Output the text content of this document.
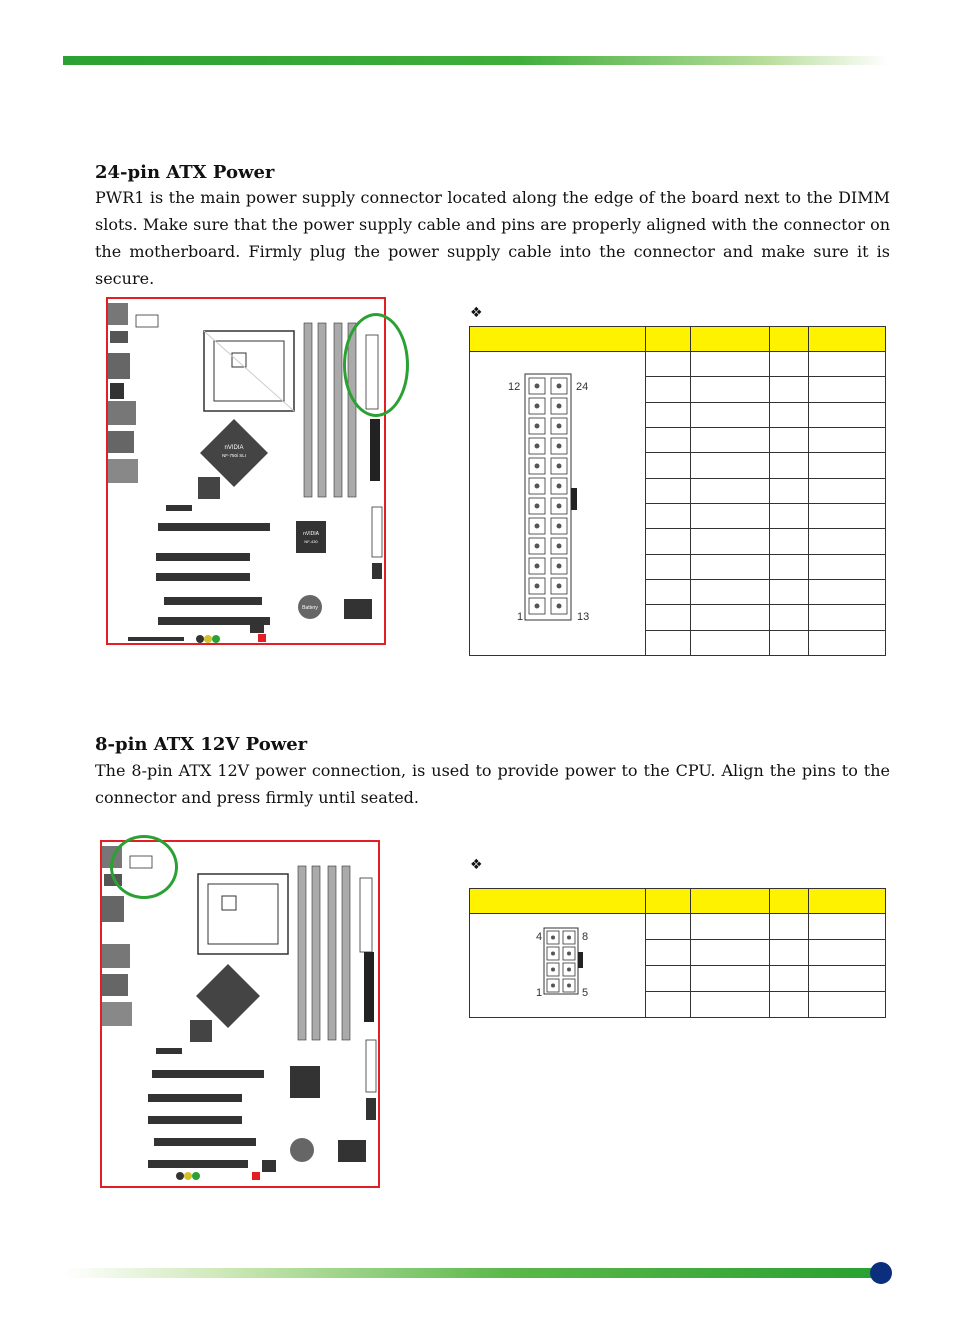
24-pin ATX Power
PWR1 is the main power supply connector located along the edge of the board next to the DIMM slots. Make sure that the power supply cable and pins are properly aligned with the connector on the motherboard. Firmly plug the power supply cable into the connector and make sure it is secure.
nVIDIA
NF-750i SLI
nVIDIA
NF-430
Battery
❖

12 24
1 13				

8-pin ATX 12V Power
The 8-pin ATX 12V power connection, is used to provide power to the CPU. Align the pins to the connector and press firmly until seated.
❖

4 8
1 5				
